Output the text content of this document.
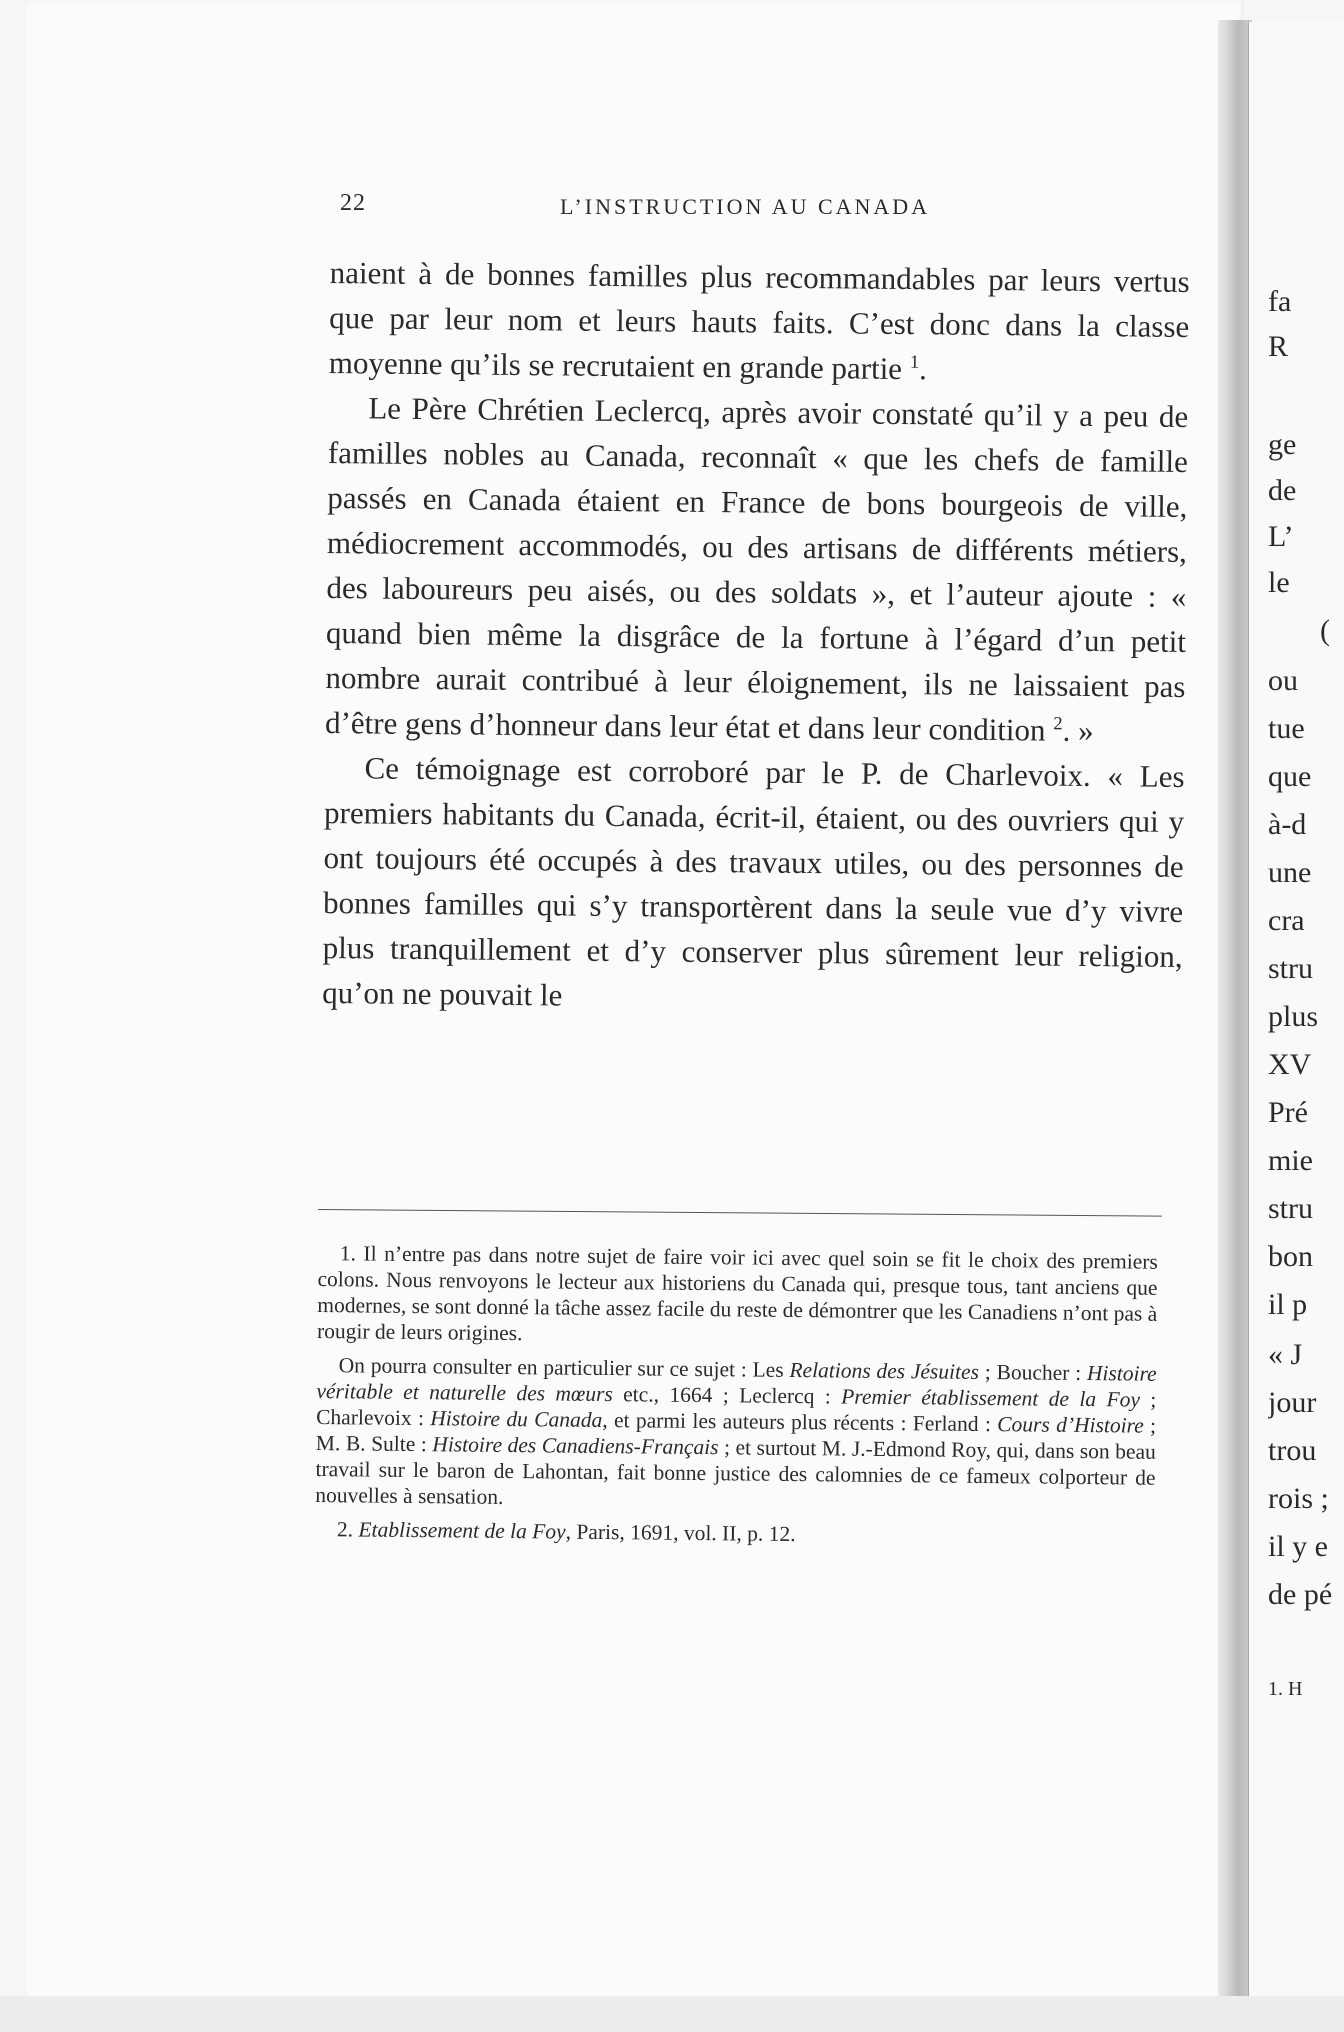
22	L’INSTRUCTION AU CANADA

naient à de bonnes familles plus recommandables par leurs vertus que par leur nom et leurs hauts faits. C’est donc dans la classe moyenne qu’ils se recrutaient en grande partie $^1$.

Le Père Chrétien Leclercq, après avoir constaté qu’il y a peu de familles nobles au Canada, reconnaît « que les chefs de famille passés en Canada étaient en France de bons bourgeois de ville, médiocrement accommodés, ou des artisans de différents métiers, des laboureurs peu aisés, ou des soldats », et l’auteur ajoute : « quand bien même la disgrâce de la fortune à l’égard d’un petit nombre aurait contribué à leur éloignement, ils ne laissaient pas d’être gens d’honneur dans leur état et dans leur condition $^2$. »

Ce témoignage est corroboré par le P. de Charlevoix. « Les premiers habitants du Canada, écrit-il, étaient, ou des ouvriers qui y ont toujours été occupés à des travaux utiles, ou des personnes de bonnes familles qui s’y transportèrent dans la seule vue d’y vivre plus tranquillement et d’y conserver plus sûrement leur religion, qu’on ne pouvait le

1. Il n’entre pas dans notre sujet de faire voir ici avec quel soin se fit le choix des premiers colons. Nous renvoyons le lecteur aux historiens du Canada qui, presque tous, tant anciens que modernes, se sont donné la tâche assez facile du reste de démontrer que les Canadiens n’ont pas à rougir de leurs origines.

On pourra consulter en particulier sur ce sujet : Les Relations des Jésuites ; Boucher : Histoire véritable et naturelle des mœurs etc., 1664 ; Leclercq : Premier établissement de la Foy ; Charlevoix : Histoire du Canada, et parmi les auteurs plus récents : Ferland : Cours d’Histoire ; M. B. Sulte : Histoire des Canadiens-Français ; et surtout M. J.-Edmond Roy, qui, dans son beau travail sur le baron de Lahontan, fait bonne justice des calomnies de ce fameux colporteur de nouvelles à sensation.

2. Etablissement de la Foy, Paris, 1691, vol. II, p. 12.

fa
R
ge
de
L’
le
(
ou
tue
que
à-d
une
cra
stru
plus
XV
Pré
mie
stru
bon
il p
« J
jour
trou
rois ;
il y e
de pé
1. H
